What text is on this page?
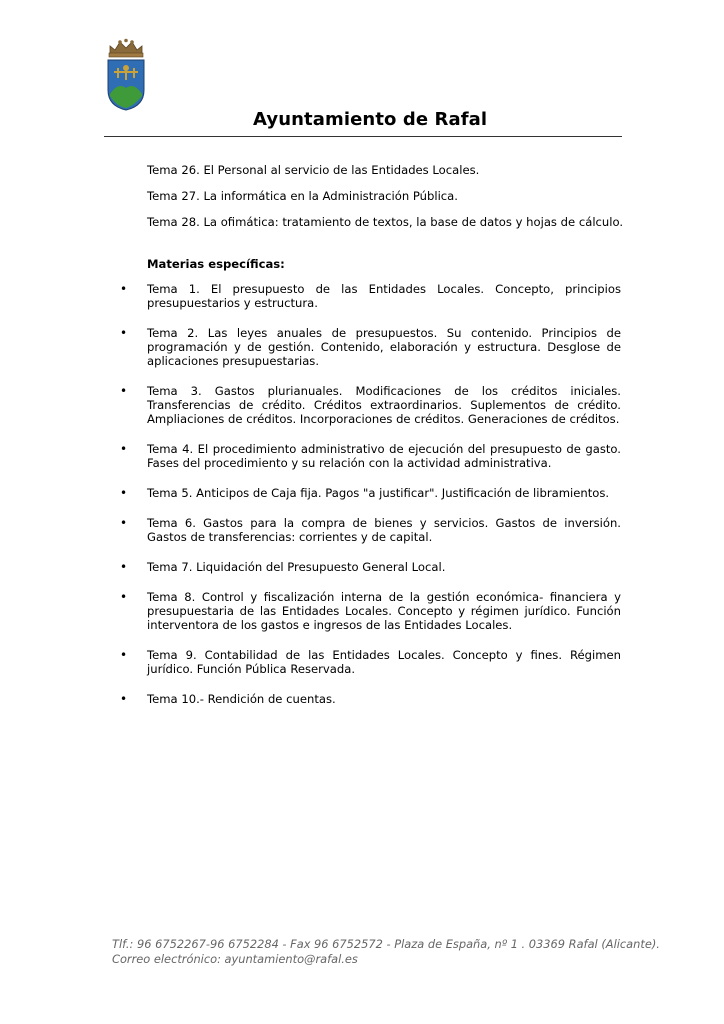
Ayuntamiento de Rafal
Tema 26. El Personal al servicio de las Entidades Locales.
Tema 27. La informática en la Administración Pública.
Tema 28. La ofimática: tratamiento de textos, la base de datos y hojas de cálculo.
Materias específicas:
• Tema 1. El presupuesto de las Entidades Locales. Concepto, principios presupuestarios y estructura.
• Tema 2. Las leyes anuales de presupuestos. Su contenido. Principios de programación y de gestión. Contenido, elaboración y estructura. Desglose de aplicaciones presupuestarias.
• Tema 3. Gastos plurianuales. Modificaciones de los créditos iniciales. Transferencias de crédito. Créditos extraordinarios. Suplementos de crédito. Ampliaciones de créditos. Incorporaciones de créditos. Generaciones de créditos.
• Tema 4. El procedimiento administrativo de ejecución del presupuesto de gasto. Fases del procedimiento y su relación con la actividad administrativa.
• Tema 5. Anticipos de Caja fija. Pagos "a justificar". Justificación de libramientos.
• Tema 6. Gastos para la compra de bienes y servicios. Gastos de inversión. Gastos de transferencias: corrientes y de capital.
• Tema 7. Liquidación del Presupuesto General Local.
• Tema 8. Control y fiscalización interna de la gestión económica- financiera y presupuestaria de las Entidades Locales. Concepto y régimen jurídico. Función interventora de los gastos e ingresos de las Entidades Locales.
• Tema 9. Contabilidad de las Entidades Locales. Concepto y fines. Régimen jurídico. Función Pública Reservada.
• Tema 10.- Rendición de cuentas.
Tlf.: 96 6752267-96 6752284 - Fax 96 6752572 - Plaza de España, nº 1 . 03369 Rafal (Alicante).
Correo electrónico: ayuntamiento@rafal.es
